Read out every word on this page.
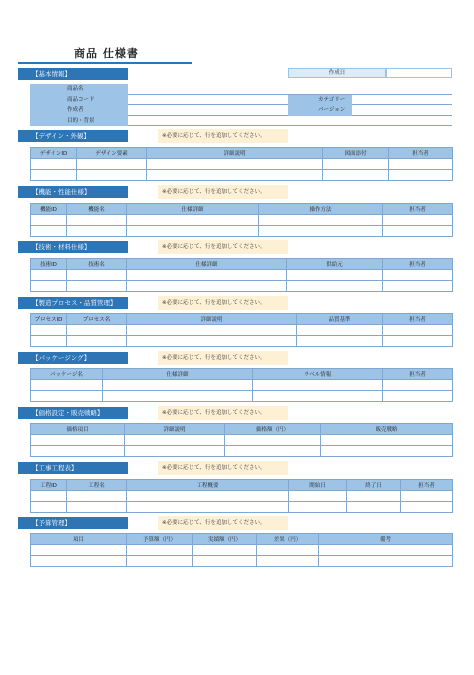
商品 仕様書
【基本情報】	作成日
商品名
商品コード
作成者
目的・背景
カテゴリー
バージョン
【デザイン・外観】	※必要に応じて、行を追加してください。
デザインID	デザイン要素	詳細説明	図面添付	担当者

【機能・性能仕様】	※必要に応じて、行を追加してください。
機能ID	機能名	仕様詳細	操作方法	担当者

【技術・材料仕様】	※必要に応じて、行を追加してください。
技術ID	技術名	仕様詳細	供給元	担当者

【製造プロセス・品質管理】	※必要に応じて、行を追加してください。
プロセスID	プロセス名	詳細説明	品質基準	担当者

【パッケージング】	※必要に応じて、行を追加してください。
パッケージ名	仕様詳細	ラベル情報	担当者

【価格設定・販売戦略】	※必要に応じて、行を追加してください。
価格項目	詳細説明	価格額（円）	販売戦略

【工事工程表】	※必要に応じて、行を追加してください。
工程ID	工程名	工程概要	開始日	終了日	担当者

【予算管理】	※必要に応じて、行を追加してください。
項目	予算額（円）	実績額（円）	差異（円）	備考
